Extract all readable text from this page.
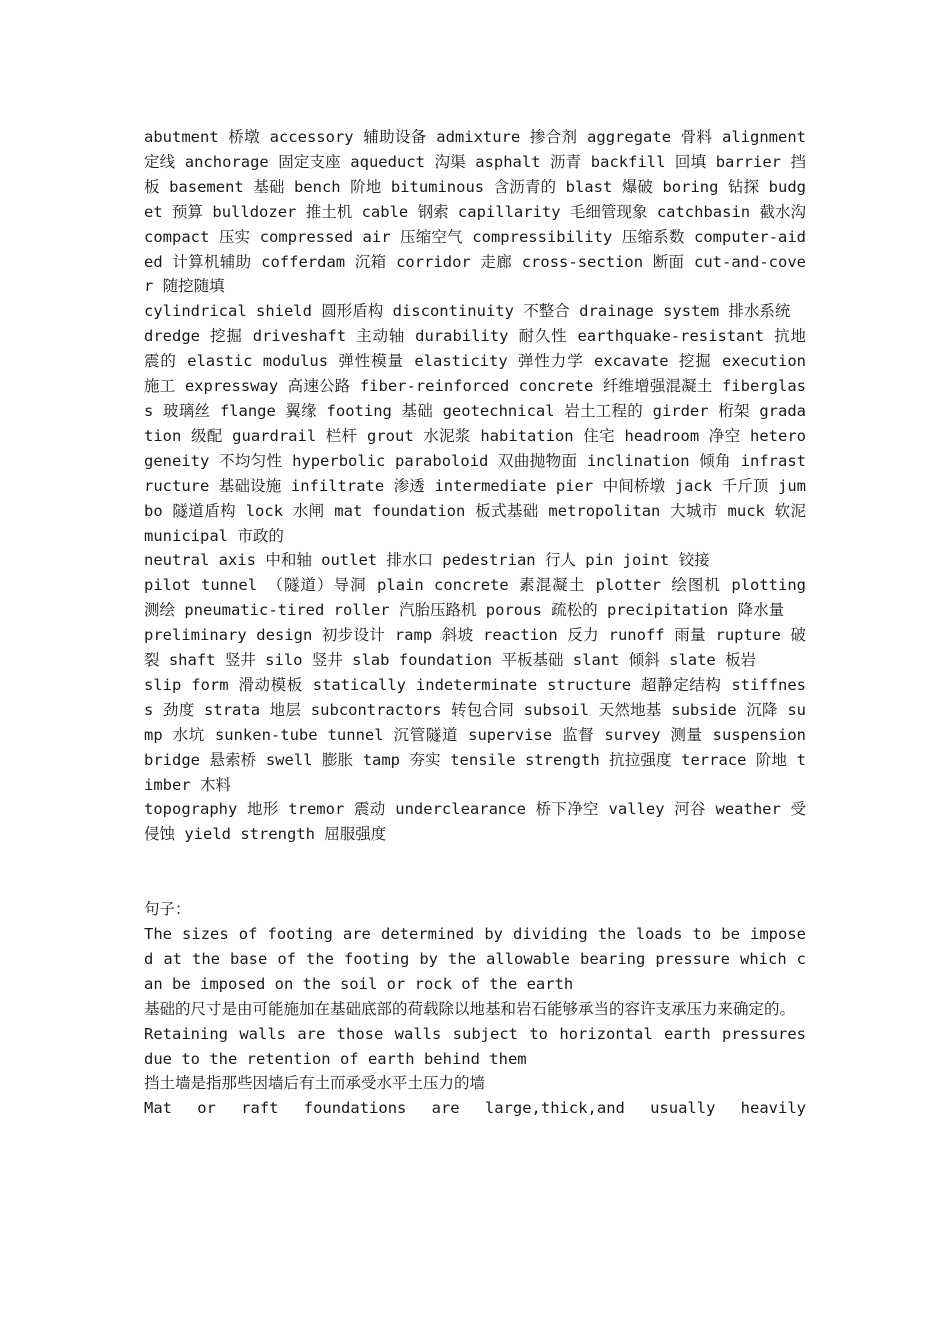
abutment 桥墩 accessory 辅助设备 admixture 掺合剂 aggregate 骨料 alignment 定线 anchorage 固定支座 aqueduct 沟渠 asphalt 沥青 backfill 回填 barrier 挡板 basement 基础 bench 阶地 bituminous 含沥青的 blast 爆破 boring 钻探 budget 预算 bulldozer 推土机 cable 钢索 capillarity 毛细管现象 catchbasin 截水沟 compact 压实 compressed air 压缩空气 compressibility 压缩系数 computer-aided 计算机辅助 cofferdam 沉箱 corridor 走廊 cross-section 断面 cut-and-cover 随挖随填

cylindrical shield 圆形盾构 discontinuity 不整合 drainage system 排水系统

dredge 挖掘 driveshaft 主动轴 durability 耐久性 earthquake-resistant 抗地震的 elastic modulus 弹性模量 elasticity 弹性力学 excavate 挖掘 execution 施工 expressway 高速公路 fiber-reinforced concrete 纤维增强混凝土 fiberglass 玻璃丝 flange 翼缘 footing 基础 geotechnical 岩土工程的 girder 桁架 gradation 级配 guardrail 栏杆 grout 水泥浆 habitation 住宅 headroom 净空 heterogeneity 不均匀性 hyperbolic paraboloid 双曲抛物面 inclination 倾角 infrastructure 基础设施 infiltrate 渗透 intermediate pier 中间桥墩 jack 千斤顶 jumbo 隧道盾构 lock 水闸 mat foundation 板式基础 metropolitan 大城市 muck 软泥 municipal 市政的

neutral axis 中和轴 outlet 排水口 pedestrian 行人 pin joint 铰接

pilot tunnel （隧道）导洞 plain concrete 素混凝土 plotter 绘图机 plotting 测绘 pneumatic-tired roller 汽胎压路机 porous 疏松的 precipitation 降水量

preliminary design 初步设计 ramp 斜坡 reaction 反力 runoff 雨量 rupture 破裂 shaft 竖井 silo 竖井 slab foundation 平板基础 slant 倾斜 slate 板岩

slip form 滑动模板 statically indeterminate structure 超静定结构 stiffness 劲度 strata 地层 subcontractors 转包合同 subsoil 天然地基 subside 沉降 sump 水坑 sunken-tube tunnel 沉管隧道 supervise 监督 survey 测量 suspension bridge 悬索桥 swell 膨胀 tamp 夯实 tensile strength 抗拉强度 terrace 阶地 timber 木料

topography 地形 tremor 震动 underclearance 桥下净空 valley 河谷 weather 受侵蚀 yield strength 屈服强度

句子：

The sizes of footing are determined by dividing the loads to be imposed at the base of the footing by the allowable bearing pressure which can be imposed on the soil or rock of the earth

基础的尺寸是由可能施加在基础底部的荷载除以地基和岩石能够承当的容许支承压力来确定的。

Retaining walls are those walls subject to horizontal earth pressures due to the retention of earth behind them

挡土墙是指那些因墙后有土而承受水平土压力的墙

Mat or raft foundations are large,thick,and usually heavily
